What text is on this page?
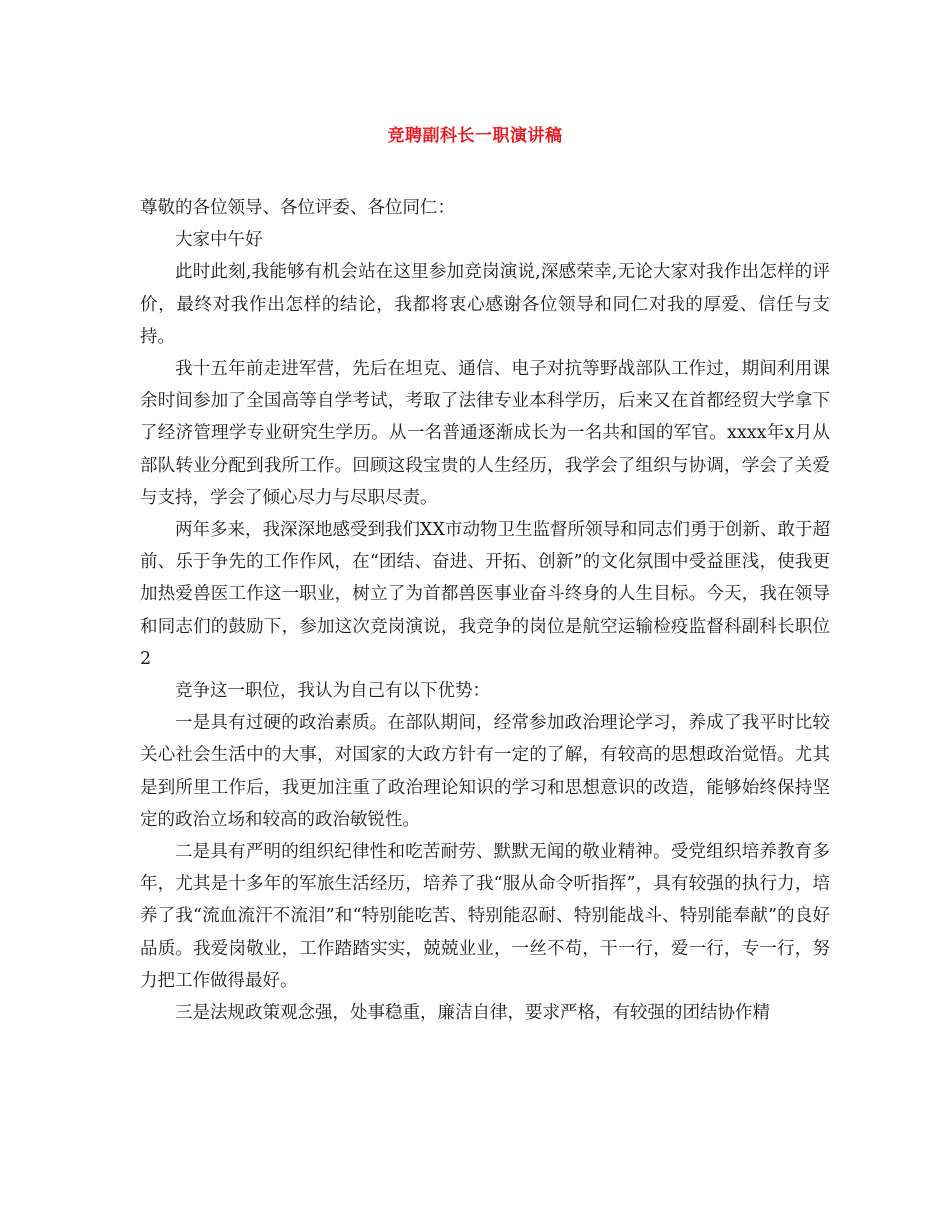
竞聘副科长一职演讲稿

尊敬的各位领导、各位评委、各位同仁：

大家中午好

此时此刻,我能够有机会站在这里参加竞岗演说,深感荣幸,无论大家对我作出怎样的评价，最终对我作出怎样的结论，我都将衷心感谢各位领导和同仁对我的厚爱、信任与支持。

我十五年前走进军营，先后在坦克、通信、电子对抗等野战部队工作过，期间利用课余时间参加了全国高等自学考试，考取了法律专业本科学历，后来又在首都经贸大学拿下了经济管理学专业研究生学历。从一名普通逐渐成长为一名共和国的军官。xxxx年x月从部队转业分配到我所工作。回顾这段宝贵的人生经历，我学会了组织与协调，学会了关爱与支持，学会了倾心尽力与尽职尽责。

两年多来，我深深地感受到我们XX市动物卫生监督所领导和同志们勇于创新、敢于超前、乐于争先的工作作风，在“团结、奋进、开拓、创新”的文化氛围中受益匪浅，使我更加热爱兽医工作这一职业，树立了为首都兽医事业奋斗终身的人生目标。今天，我在领导和同志们的鼓励下，参加这次竞岗演说，我竞争的岗位是航空运输检疫监督科副科长职位2

竞争这一职位，我认为自己有以下优势：

一是具有过硬的政治素质。在部队期间，经常参加政治理论学习，养成了我平时比较关心社会生活中的大事，对国家的大政方针有一定的了解，有较高的思想政治觉悟。尤其是到所里工作后，我更加注重了政治理论知识的学习和思想意识的改造，能够始终保持坚定的政治立场和较高的政治敏锐性。

二是具有严明的组织纪律性和吃苦耐劳、默默无闻的敬业精神。受党组织培养教育多年，尤其是十多年的军旅生活经历，培养了我“服从命令听指挥”，具有较强的执行力，培养了我“流血流汗不流泪”和“特别能吃苦、特别能忍耐、特别能战斗、特别能奉献”的良好品质。我爱岗敬业，工作踏踏实实，兢兢业业，一丝不苟，干一行，爱一行，专一行，努力把工作做得最好。

三是法规政策观念强，处事稳重，廉洁自律，要求严格，有较强的团结协作精
